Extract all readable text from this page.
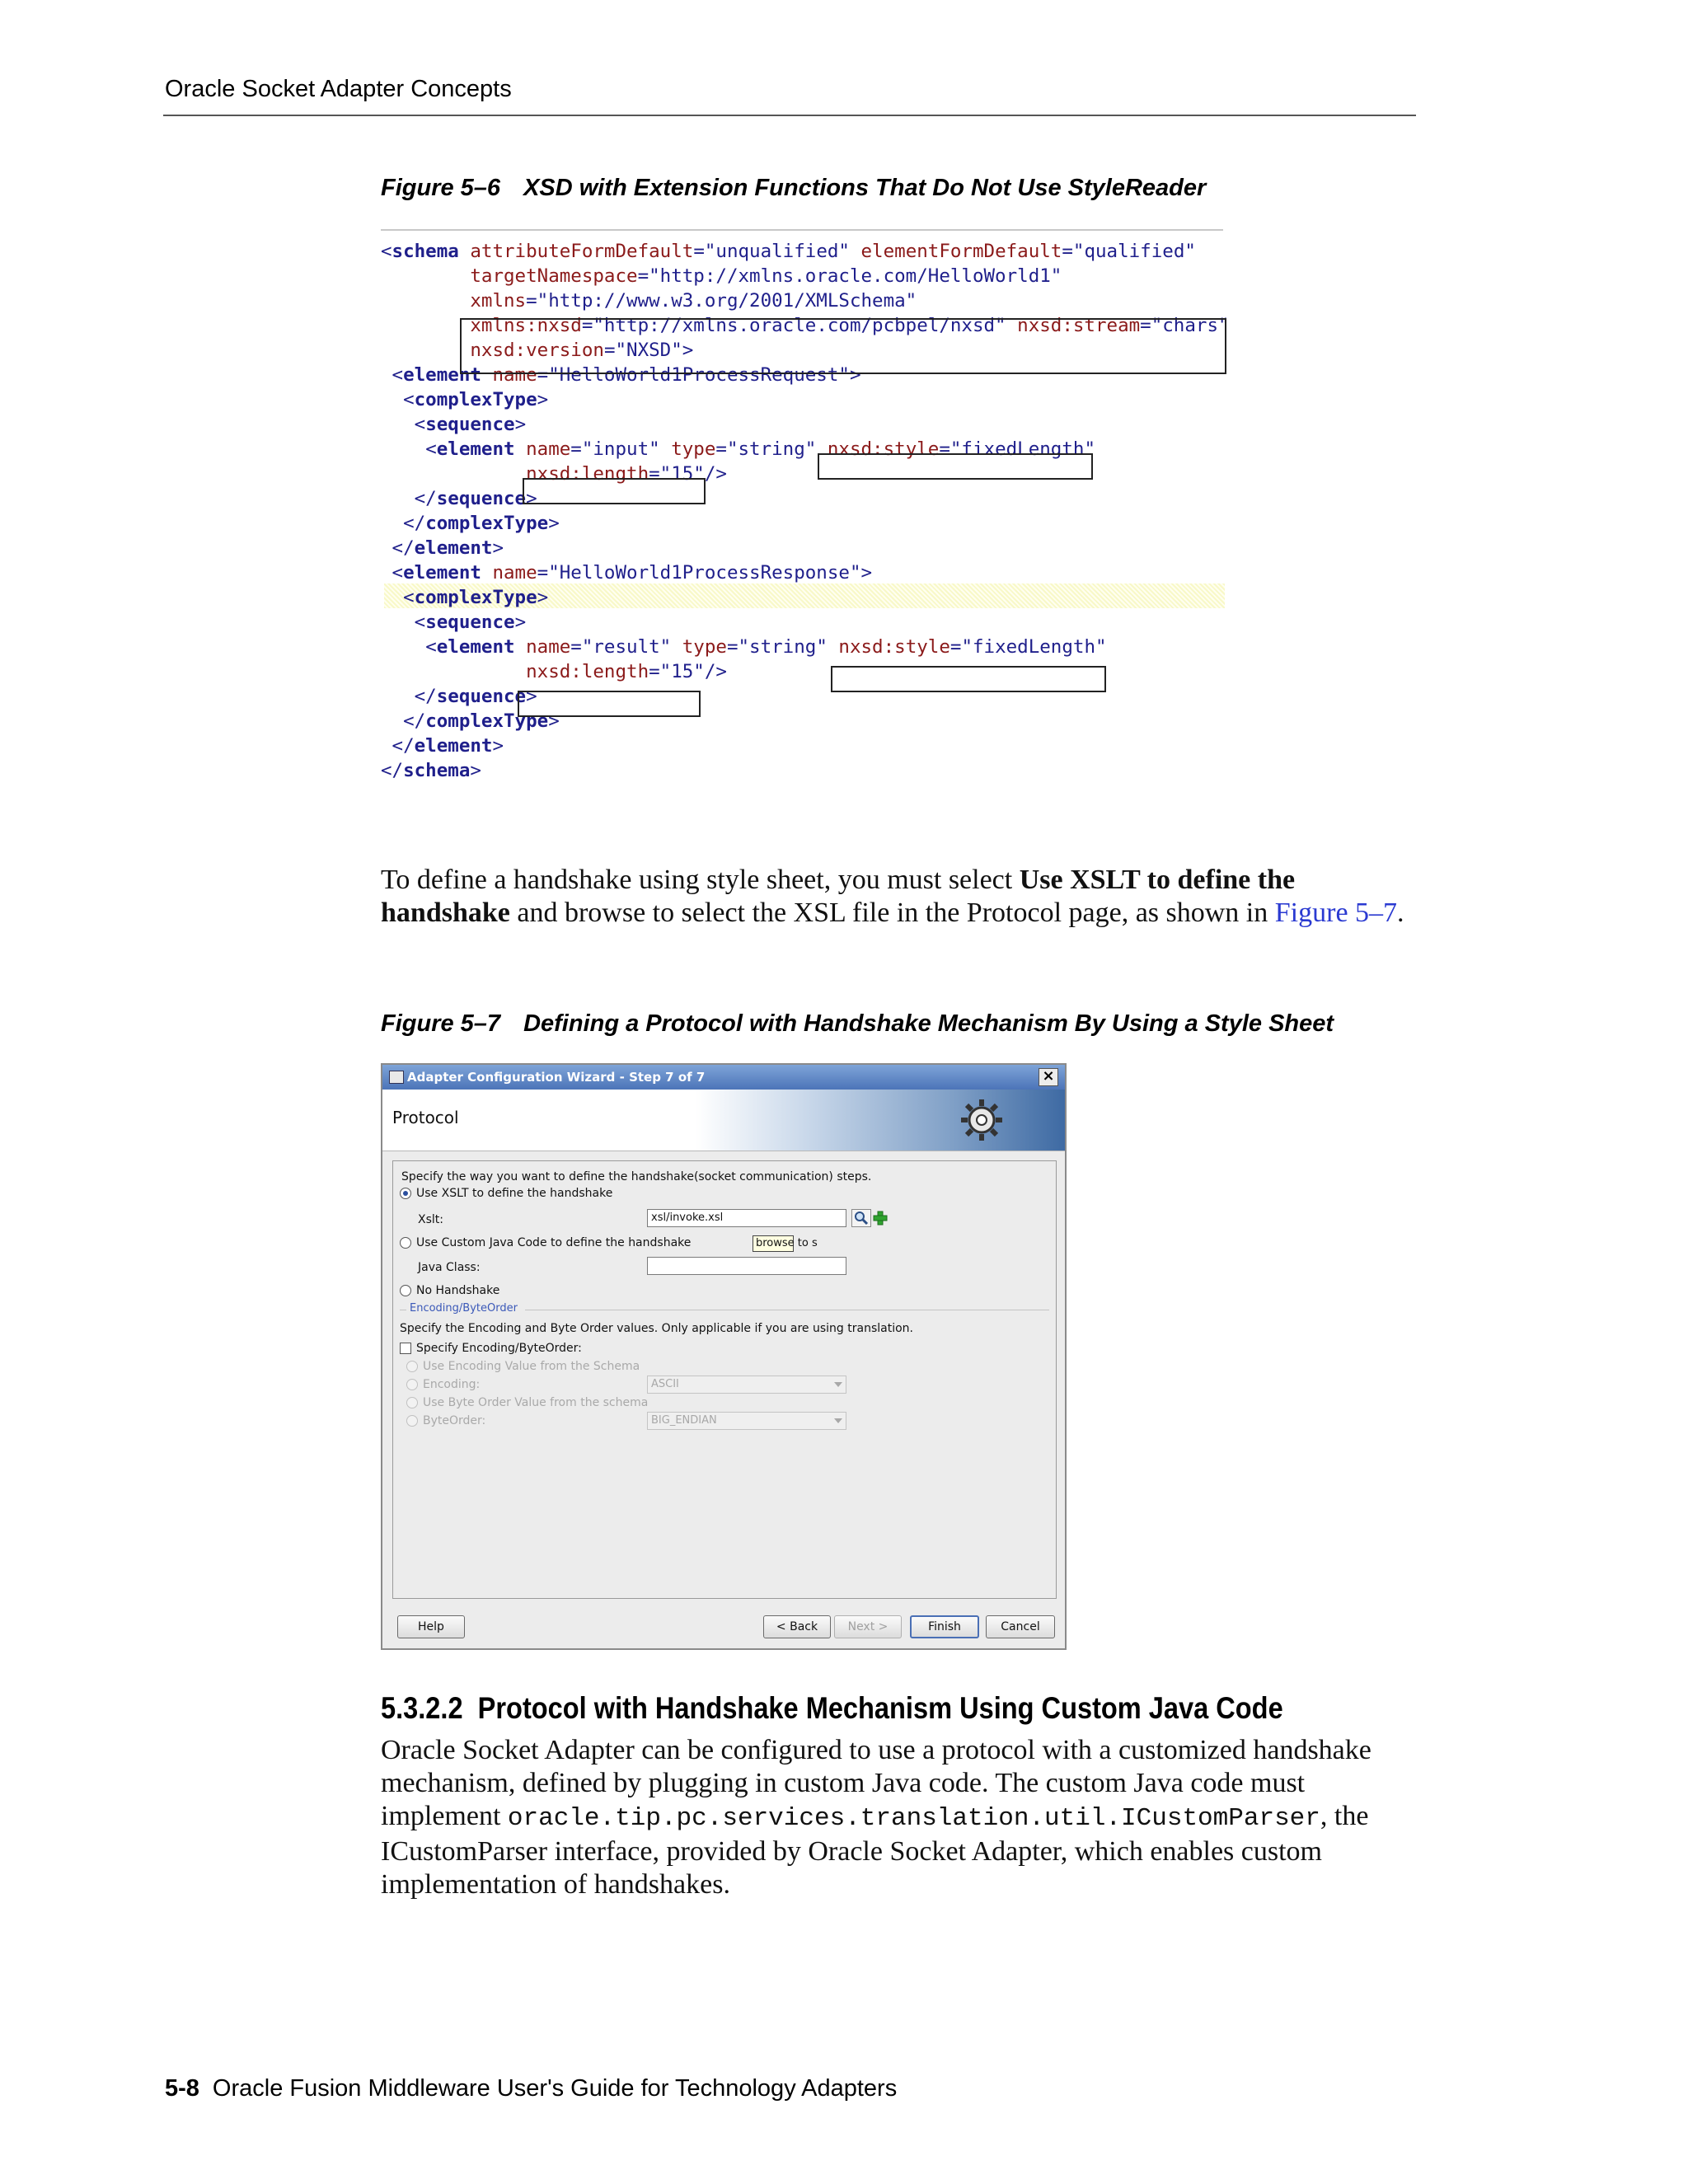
Oracle Socket Adapter Concepts
Figure 5–6 XSD with Extension Functions That Do Not Use StyleReader
<schema attributeFormDefault="unqualified" elementFormDefault="qualified"
targetNamespace="http://xmlns.oracle.com/HelloWorld1"
xmlns="http://www.w3.org/2001/XMLSchema"
xmlns:nxsd="http://xmlns.oracle.com/pcbpel/nxsd" nxsd:stream="chars"
nxsd:version="NXSD">
<element name="HelloWorld1ProcessRequest">
<complexType>
<sequence>
<element name="input" type="string" nxsd:style="fixedLength"
nxsd:length="15"/>
</sequence>
</complexType>
</element>
<element name="HelloWorld1ProcessResponse">
<complexType>
<sequence>
<element name="result" type="string" nxsd:style="fixedLength"
nxsd:length="15"/>
</sequence>
</complexType>
</element>
</schema>
To define a handshake using style sheet, you must select Use XSLT to define the handshake and browse to select the XSL file in the Protocol page, as shown in Figure 5–7.
Figure 5–7 Defining a Protocol with Handshake Mechanism By Using a Style Sheet
Adapter Configuration Wizard - Step 7 of 7	×
Protocol
Specify the way you want to define the handshake(socket communication) steps.
Use XSLT to define the handshake
Xslt:	xsl/invoke.xsl
browse to s
Use Custom Java Code to define the handshake
Java Class:
No Handshake
Encoding/ByteOrder
Specify the Encoding and Byte Order values. Only applicable if you are using translation.
Specify Encoding/ByteOrder:
Use Encoding Value from the Schema
Encoding:	ASCII
Use Byte Order Value from the schema
ByteOrder:	BIG_ENDIAN
Help	< Back	Next >	Finish	Cancel
5.3.2.2 Protocol with Handshake Mechanism Using Custom Java Code
Oracle Socket Adapter can be configured to use a protocol with a customized handshake mechanism, defined by plugging in custom Java code. The custom Java code must implement oracle.tip.pc.services.translation.util.ICustomParser, the ICustomParser interface, provided by Oracle Socket Adapter, which enables custom implementation of handshakes.
5-8 Oracle Fusion Middleware User's Guide for Technology Adapters
